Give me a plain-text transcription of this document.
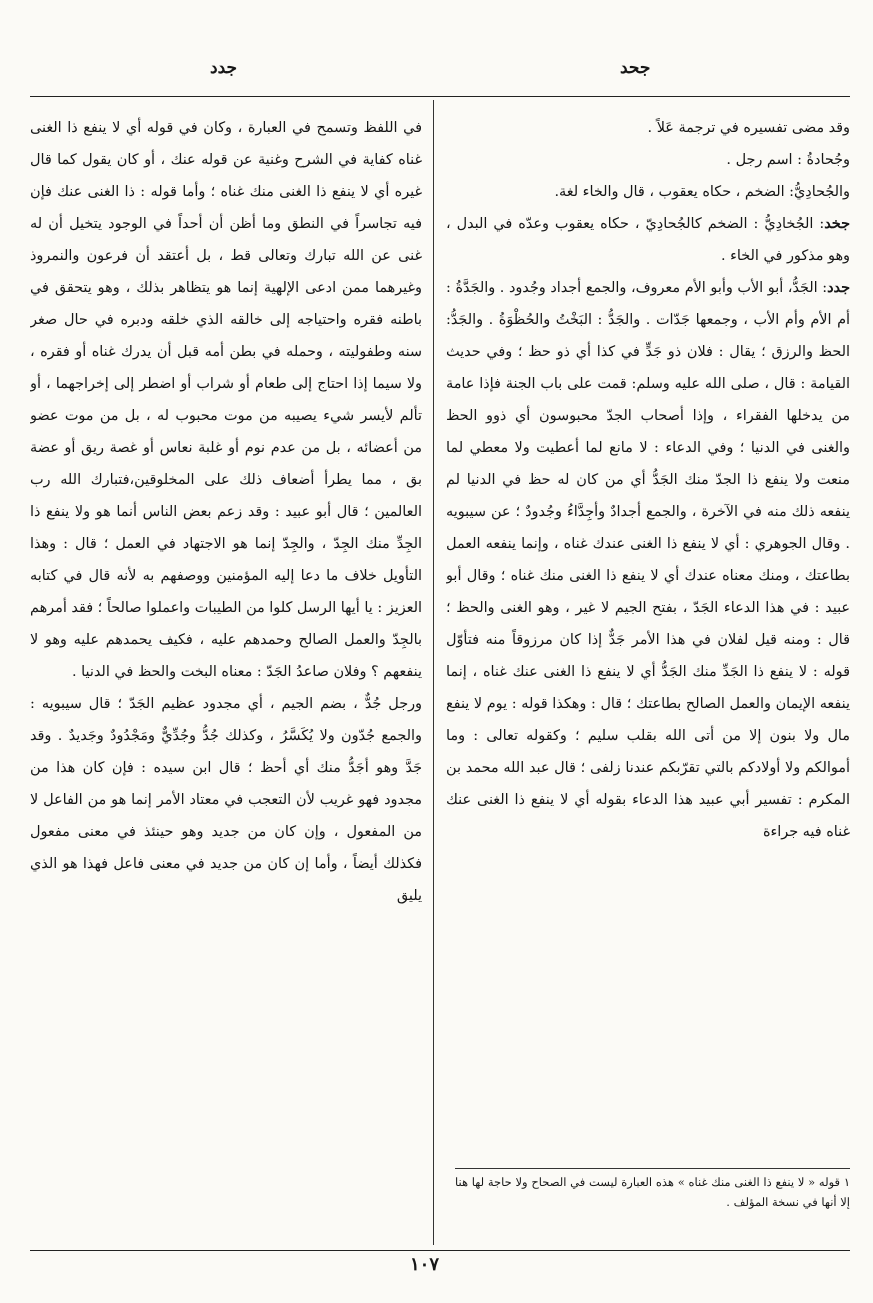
جحد
جدد

وقد مضى تفسيره في ترجمة عَلاً .

وجُحادةُ : اسم رجل .

والجُحادِيُّ: الضخم ، حكاه يعقوب ، قال والخاء لغة.

جخد: الجُخادِيُّ : الضخم كالجُحادِيّ ، حكاه يعقوب وعدّه في البدل ، وهو مذكور في الخاء .

جدد: الجَدُّ، أبو الأب وأبو الأم معروف، والجمع أجداد وجُدود . والجَدَّةُ : أم الأم وأم الأب ، وجمعها جَدّات . والجَدُّ : البَخْتُ والحُظْوَةُ . والجَدُّ: الحظ والرزق ؛ يقال : فلان ذو جَدٍّ في كذا أي ذو حظ ؛ وفي حديث القيامة : قال ، صلى الله عليه وسلم: قمت على باب الجنة فإذا عامة من يدخلها الفقراء ، وإذا أصحاب الجدّ محبوسون أي ذوو الحظ والغنى في الدنيا ؛ وفي الدعاء : لا مانع لما أعطيت ولا معطي لما منعت ولا ينفع ذا الجدّ منك الجَدُّ أي من كان له حظ في الدنيا لم ينفعه ذلك منه في الآخرة ، والجمع أجدادٌ وأجِدَّاءُ وجُدودٌ ؛ عن سيبويه . وقال الجوهري : أي لا ينفع ذا الغنى عندك غناه ، وإنما ينفعه العمل بطاعتك ، ومنك معناه عندك أي لا ينفع ذا الغنى منك غناه ؛ وقال أبو عبيد : في هذا الدعاء الجَدّ ، بفتح الجيم لا غير ، وهو الغنى والحظ ؛ قال : ومنه قيل لفلان في هذا الأمر جَدٌّ إذا كان مرزوقاً منه فتأوّل قوله : لا ينفع ذا الجَدِّ منك الجَدُّ أي لا ينفع ذا الغنى عنك غناه ، إنما ينفعه الإيمان والعمل الصالح بطاعتك ؛ قال : وهكذا قوله : يوم لا ينفع مال ولا بنون إلا من أتى الله بقلب سليم ؛ وكقوله تعالى : وما أموالكم ولا أولادكم بالتي تقرّبكم عندنا زلفى ؛ قال عبد الله محمد بن المكرم : تفسير أبي عبيد هذا الدعاء بقوله أي لا ينفع ذا الغنى عنك غناه فيه جراءة

في اللفظ وتسمح في العبارة ، وكان في قوله أي لا ينفع ذا الغنى غناه كفاية في الشرح وغنية عن قوله عنك ، أو كان يقول كما قال غيره أي لا ينفع ذا الغنى منك غناه ؛ وأما قوله : ذا الغنى عنك فإن فيه تجاسراً في النطق وما أظن أن أحداً في الوجود يتخيل أن له غنى عن الله تبارك وتعالى قط ، بل أعتقد أن فرعون والنمروذ وغيرهما ممن ادعى الإلهية إنما هو يتظاهر بذلك ، وهو يتحقق في باطنه فقره واحتياجه إلى خالقه الذي خلقه ودبره في حال صغر سنه وطفوليته ، وحمله في بطن أمه قبل أن يدرك غناه أو فقره ، ولا سيما إذا احتاج إلى طعام أو شراب أو اضطر إلى إخراجهما ، أو تألم لأيسر شيء يصيبه من موت محبوب له ، بل من موت عضو من أعضائه ، بل من عدم نوم أو غلبة نعاس أو غصة ريق أو عضة بق ، مما يطرأ أضعاف ذلك على المخلوقين،فتبارك الله رب العالمين ؛ قال أبو عبيد : وقد زعم بعض الناس أنما هو ولا ينفع ذا الجِدِّ منك الجِدّ ، والجِدّ إنما هو الاجتهاد في العمل ؛ قال : وهذا التأويل خلاف ما دعا إليه المؤمنين ووصفهم به لأنه قال في كتابه العزيز : يا أيها الرسل كلوا من الطيبات واعملوا صالحاً ؛ فقد أمرهم بالجِدّ والعمل الصالح وحمدهم عليه ، فكيف يحمدهم عليه وهو لا ينفعهم ؟ وفلان صاعدُ الجَدّ : معناه البخت والحظ في الدنيا .

ورجل جُدٌّ ، بضم الجيم ، أي مجدود عظيم الجَدّ ؛ قال سيبويه : والجمع جُدّون ولا يُكَسَّرُ ، وكذلك جُدُّ وجُدِّيٌّ ومَجْدُودٌ وجَديدٌ . وقد جَدَّ وهو أجَدُّ منك أي أحظ ؛ قال ابن سيده : فإن كان هذا من مجدود فهو غريب لأن التعجب في معتاد الأمر إنما هو من الفاعل لا من المفعول ، وإن كان من جديد وهو حينئذ في معنى مفعول فكذلك أيضاً ، وأما إن كان من جديد في معنى فاعل فهذا هو الذي يليق

١ قوله « لا ينفع ذا الغنى منك غناه » هذه العبارة ليست في الصحاح ولا حاجة لها هنا إلا أنها في نسخة المؤلف .
١٠٧
